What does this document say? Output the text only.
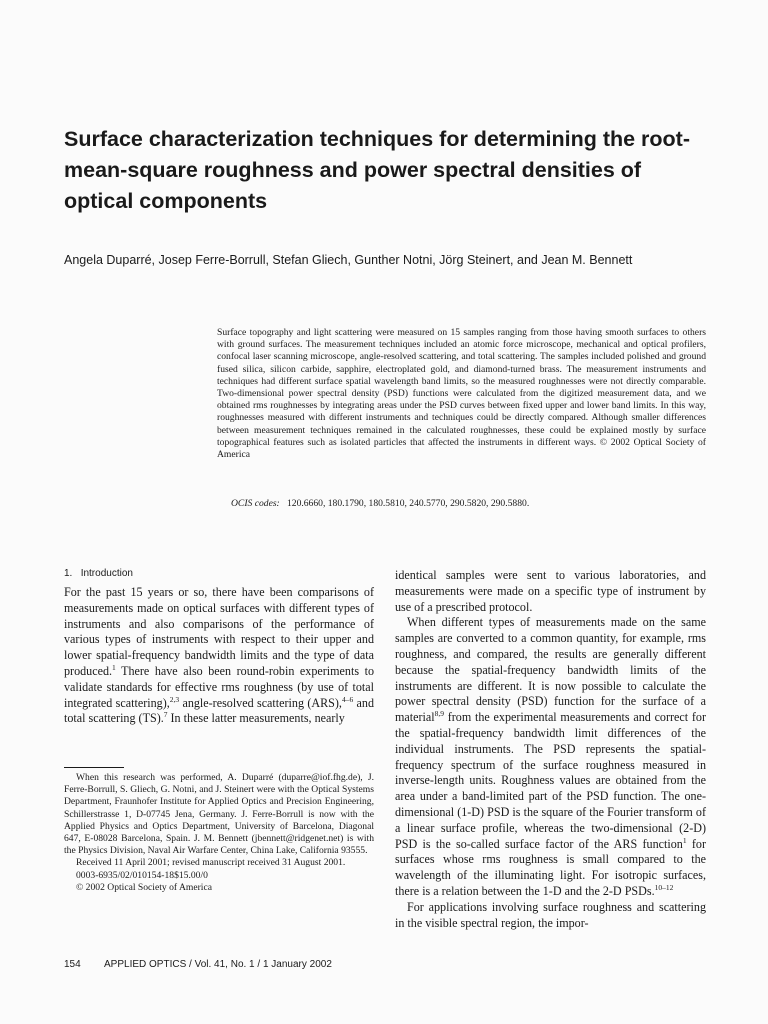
Surface characterization techniques for determining the root-mean-square roughness and power spectral densities of optical components

Angela Duparré, Josep Ferre-Borrull, Stefan Gliech, Gunther Notni, Jörg Steinert, and Jean M. Bennett

Surface topography and light scattering were measured on 15 samples ranging from those having smooth surfaces to others with ground surfaces. The measurement techniques included an atomic force microscope, mechanical and optical profilers, confocal laser scanning microscope, angle-resolved scattering, and total scattering. The samples included polished and ground fused silica, silicon carbide, sapphire, electroplated gold, and diamond-turned brass. The measurement instruments and techniques had different surface spatial wavelength band limits, so the measured roughnesses were not directly comparable. Two-dimensional power spectral density (PSD) functions were calculated from the digitized measurement data, and we obtained rms roughnesses by integrating areas under the PSD curves between fixed upper and lower band limits. In this way, roughnesses measured with different instruments and techniques could be directly compared. Although smaller differences between measurement techniques remained in the calculated roughnesses, these could be explained mostly by surface topographical features such as isolated particles that affected the instruments in different ways. © 2002 Optical Society of America

OCIS codes: 120.6660, 180.1790, 180.5810, 240.5770, 290.5820, 290.5880.

1. Introduction

For the past 15 years or so, there have been comparisons of measurements made on optical surfaces with different types of instruments and also comparisons of the performance of various types of instruments with respect to their upper and lower spatial-frequency bandwidth limits and the type of data produced.$^1$ There have also been round-robin experiments to validate standards for effective rms roughness (by use of total integrated scattering),$^{2,3}$ angle-resolved scattering (ARS),$^{4-6}$ and total scattering (TS).$^7$ In these latter measurements, nearly

identical samples were sent to various laboratories, and measurements were made on a specific type of instrument by use of a prescribed protocol.

When different types of measurements made on the same samples are converted to a common quantity, for example, rms roughness, and compared, the results are generally different because the spatial-frequency bandwidth limits of the instruments are different. It is now possible to calculate the power spectral density (PSD) function for the surface of a material$^{8,9}$ from the experimental measurements and correct for the spatial-frequency bandwidth limit differences of the individual instruments. The PSD represents the spatial-frequency spectrum of the surface roughness measured in inverse-length units. Roughness values are obtained from the area under a band-limited part of the PSD function. The one-dimensional (1-D) PSD is the square of the Fourier transform of a linear surface profile, whereas the two-dimensional (2-D) PSD is the so-called surface factor of the ARS function$^1$ for surfaces whose rms roughness is small compared to the wavelength of the illuminating light. For isotropic surfaces, there is a relation between the 1-D and the 2-D PSDs.$^{10-12}$

For applications involving surface roughness and scattering in the visible spectral region, the impor-

When this research was performed, A. Duparré (duparre@iof.fhg.de), J. Ferre-Borrull, S. Gliech, G. Notni, and J. Steinert were with the Optical Systems Department, Fraunhofer Institute for Applied Optics and Precision Engineering, Schillerstrasse 1, D-07745 Jena, Germany. J. Ferre-Borrull is now with the Applied Physics and Optics Department, University of Barcelona, Diagonal 647, E-08028 Barcelona, Spain. J. M. Bennett (jbennett@ridgenet.net) is with the Physics Division, Naval Air Warfare Center, China Lake, California 93555.

Received 11 April 2001; revised manuscript received 31 August 2001.

0003-6935/02/010154-18$15.00/0

© 2002 Optical Society of America

154 APPLIED OPTICS / Vol. 41, No. 1 / 1 January 2002
